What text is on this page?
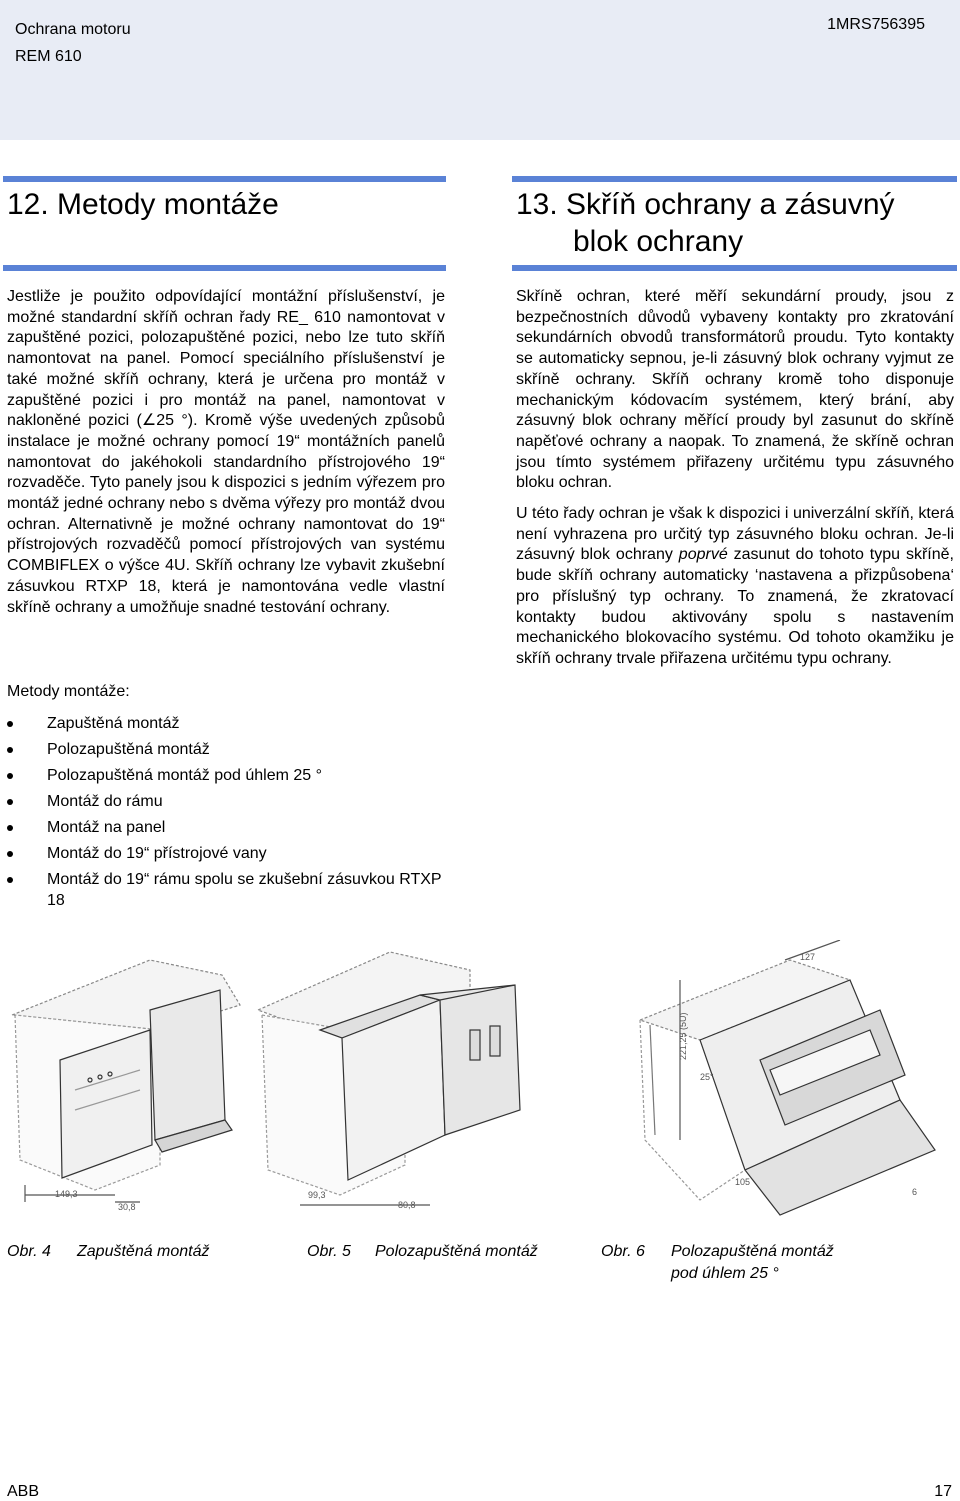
Ochrana motoru
REM 610
1MRS756395
12. Metody montáže

Jestliže je použito odpovídající montážní příslušenství, je možné standardní skříň ochran řady RE_ 610 namontovat v zapuštěné pozici, polozapuštěné pozici, nebo lze tuto skříň namontovat na panel. Pomocí speciálního příslušenství je také možné skříň ochrany, která je určena pro montáž v zapuštěné pozici i pro montáž na panel, namontovat v nakloněné pozici (∠25 °). Kromě výše uvedených způsobů instalace je možné ochrany pomocí 19“ montážních panelů namontovat do jakéhokoli standardního přístrojového 19“ rozvaděče. Tyto panely jsou k dispozici s jedním výřezem pro montáž jedné ochrany nebo s dvěma výřezy pro montáž dvou ochran. Alternativně je možné ochrany namontovat do 19“ přístrojových rozvaděčů pomocí přístrojových van systému COMBIFLEX o výšce 4U. Skříň ochrany lze vybavit zkušební zásuvkou RTXP 18, která je namontována vedle vlastní skříně ochrany a umožňuje snadné testování ochrany.

Metody montáže:
Zapuštěná montáž
Polozapuštěná montáž
Polozapuštěná montáž pod úhlem 25 °
Montáž do rámu
Montáž na panel
Montáž do 19“ přístrojové vany
Montáž do 19“ rámu spolu se zkušební zásuvkou RTXP 18
13. Skříň ochrany a zásuvný
blok ochrany

Skříně ochran, které měří sekundární proudy, jsou z bezpečnostních důvodů vybaveny kontakty pro zkratování sekundárních obvodů transformátorů proudu. Tyto kontakty se automaticky sepnou, je-li zásuvný blok ochrany vyjmut ze skříně ochrany. Skříň ochrany kromě toho disponuje mechanickým kódovacím systémem, který brání, aby zásuvný blok ochrany měřící proudy byl zasunut do skříně napěťové ochrany a naopak. To znamená, že skříně ochran jsou tímto systémem přiřazeny určitému typu zásuvného bloku ochran.

U této řady ochran je však k dispozici i univerzální skříň, která není vyhrazena pro určitý typ zásuvného bloku ochran. Je-li zásuvný blok ochrany poprvé zasunut do tohoto typu skříně, bude skříň ochrany automaticky ‘nastavena a přizpůsobena‘ pro příslušný typ ochrany. To znamená, že zkratovací kontakty budou aktivovány spolu s nastavením mechanického blokovacího systému. Od tohoto okamžiku je skříň ochrany trvale přiřazena určitému typu ochrany.

149,3
30,8
99,3
80,8
127
221,25 (5U)
25°
105
6
Obr. 4 Zapuštěná montáž	Obr. 5 Polozapuštěná montáž	Obr. 6 Polozapuštěná montáž
pod úhlem 25 °
ABB	17
